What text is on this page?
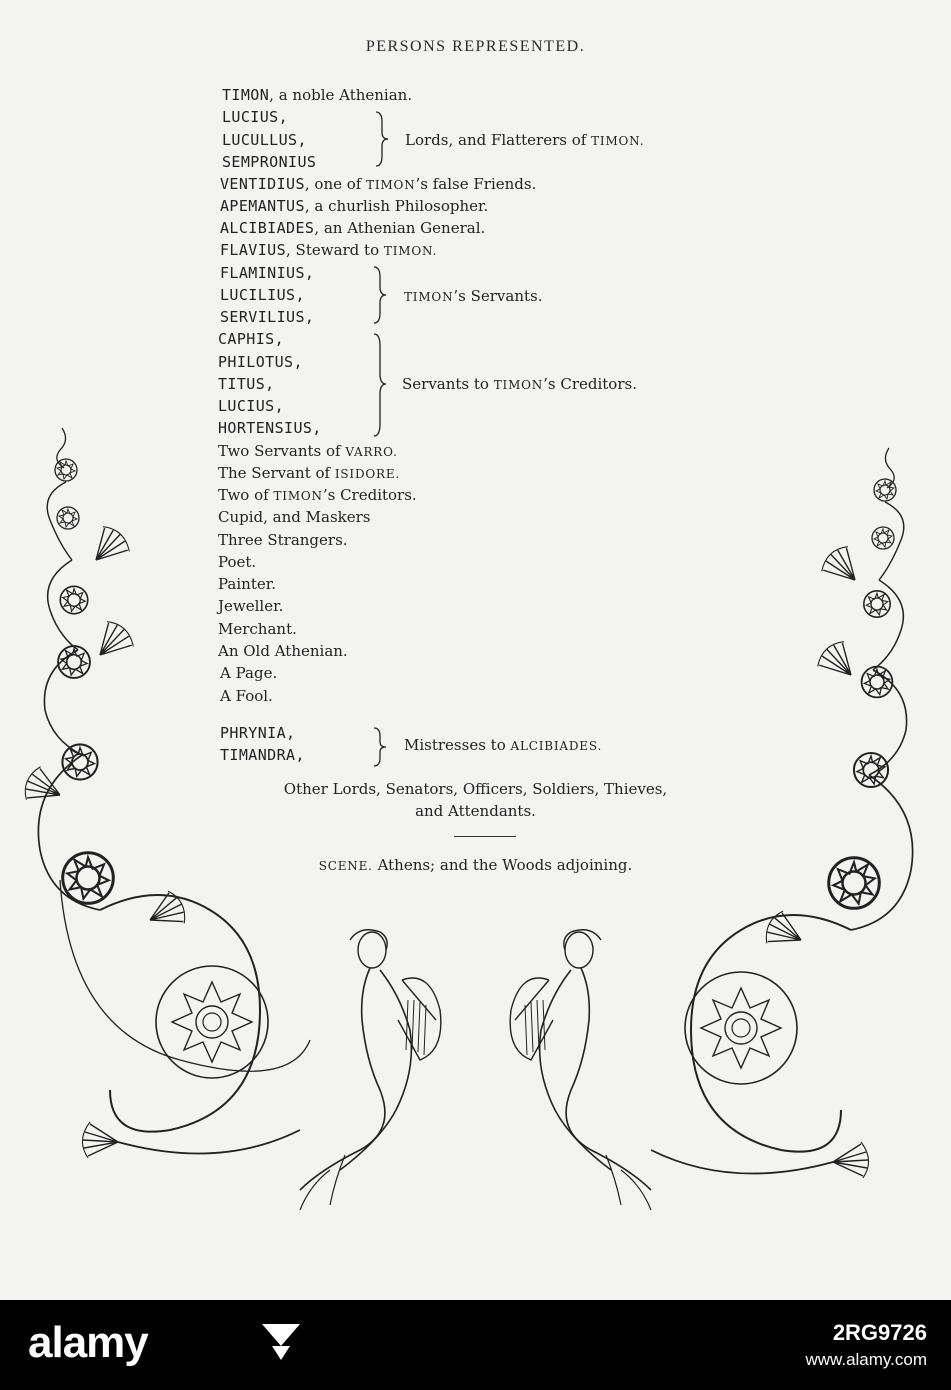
PERSONS REPRESENTED.
TIMON, a noble Athenian.
LUCIUS,
LUCULLUS,
SEMPRONIUS
Lords, and Flatterers of TIMON.
VENTIDIUS, one of TIMON’s false Friends.
APEMANTUS, a churlish Philosopher.
ALCIBIADES, an Athenian General.
FLAVIUS, Steward to TIMON.
FLAMINIUS,
LUCILIUS,
SERVILIUS,
TIMON’s Servants.
CAPHIS,
PHILOTUS,
TITUS,
LUCIUS,
HORTENSIUS,
Servants to TIMON’s Creditors.
Two Servants of VARRO.
The Servant of ISIDORE.
Two of TIMON’s Creditors.
Cupid, and Maskers
Three Strangers.
Poet.
Painter.
Jeweller.
Merchant.
An Old Athenian.
A Page.
A Fool.
PHRYNIA,
TIMANDRA,
Mistresses to ALCIBIADES.
Other Lords, Senators, Officers, Soldiers, Thieves,
and Attendants.
SCENE. Athens; and the Woods adjoining.
alamy	2RG9726
www.alamy.com
